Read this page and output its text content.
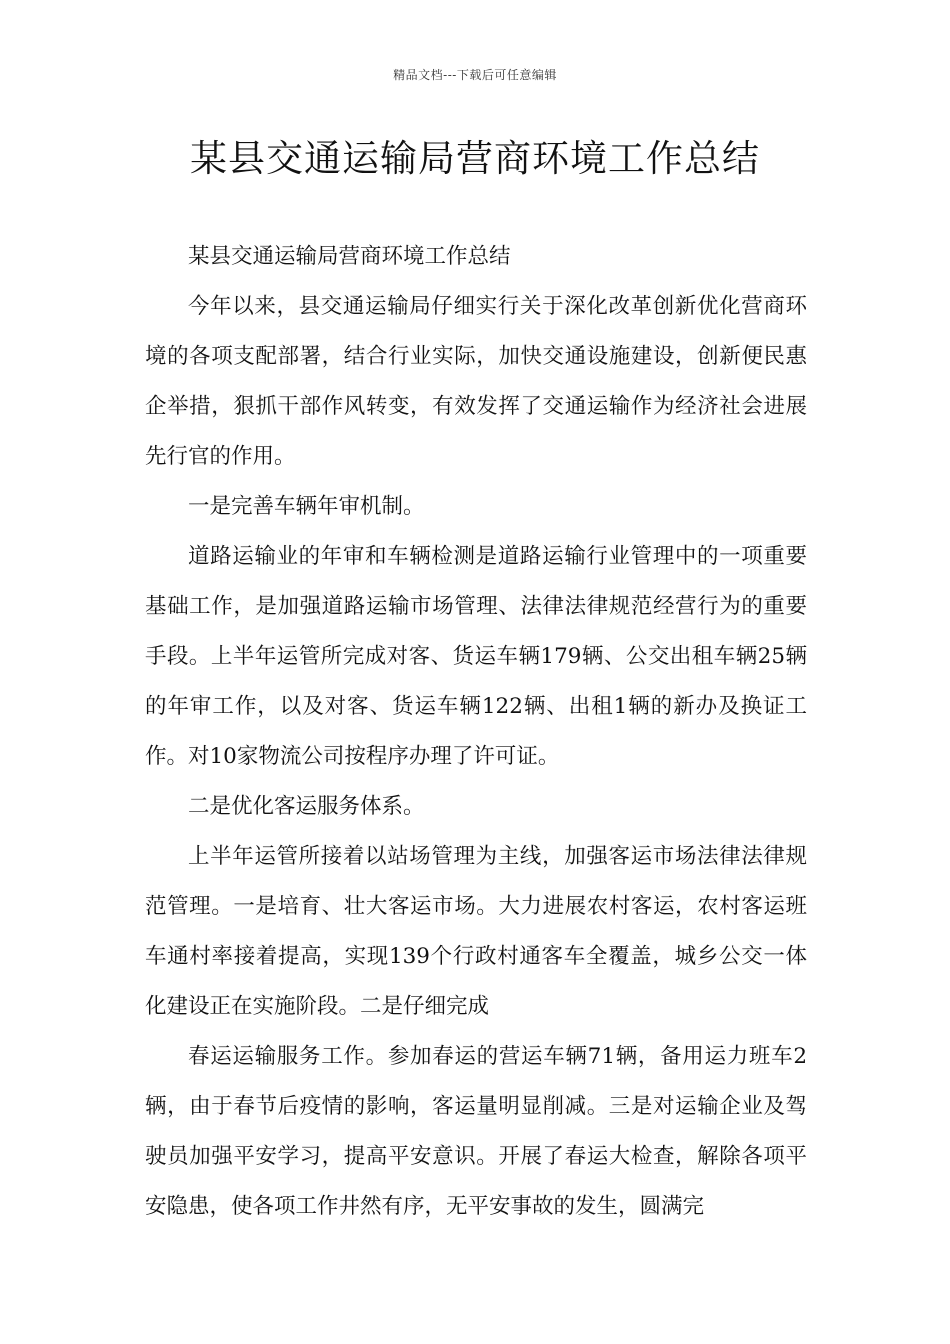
精品文档---下载后可任意编辑
某县交通运输局营商环境工作总结

某县交通运输局营商环境工作总结

今年以来，县交通运输局仔细实行关于深化改革创新优化营商环境的各项支配部署，结合行业实际，加快交通设施建设，创新便民惠企举措，狠抓干部作风转变，有效发挥了交通运输作为经济社会进展先行官的作用。

一是完善车辆年审机制。

道路运输业的年审和车辆检测是道路运输行业管理中的一项重要基础工作，是加强道路运输市场管理、法律法律规范经营行为的重要手段。上半年运管所完成对客、货运车辆179辆、公交出租车辆25辆的年审工作，以及对客、货运车辆122辆、出租1辆的新办及换证工作。对10家物流公司按程序办理了许可证。

二是优化客运服务体系。

上半年运管所接着以站场管理为主线，加强客运市场法律法律规范管理。一是培育、壮大客运市场。大力进展农村客运，农村客运班车通村率接着提高，实现139个行政村通客车全覆盖，城乡公交一体化建设正在实施阶段。二是仔细完成

春运运输服务工作。参加春运的营运车辆71辆，备用运力班车2辆，由于春节后疫情的影响，客运量明显削减。三是对运输企业及驾驶员加强平安学习，提高平安意识。开展了春运大检查，解除各项平安隐患，使各项工作井然有序，无平安事故的发生，圆满完
